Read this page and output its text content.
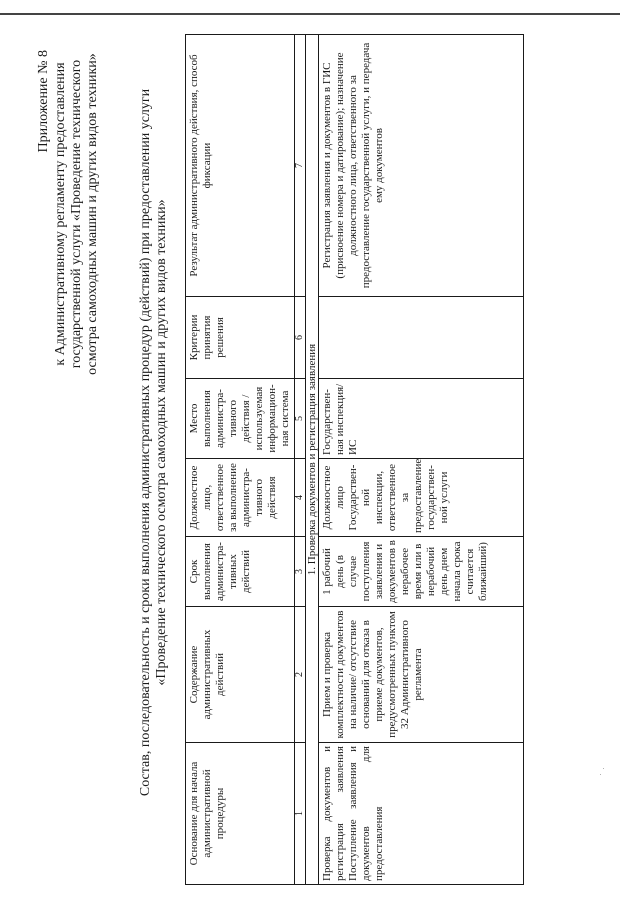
Приложение № 8 к Административному регламенту предоставления государственной услуги «Проведение технического осмотра самоходных машин и других видов техники»	Состав, последовательность и сроки выполнения административных процедур (действий) при предоставлении услуги «Проведение технического осмотра самоходных машин и других видов техники»
Основание для начала административной процедуры	Содержание административных действий	Срок выполнения администра-тивных действий	Должностное лицо, ответственное за выполнение администра-тивного действия	Место выполнения администра-тивного действия / используемая информацион-ная система	Критерии принятия решения	Результат административного действия, способ фиксации
1	2	3	4	5	6	7
1. Проверка документов и регистрация заявления						
Проверка документов и регистрация заявления Поступление заявления и документов для предоставления	Прием и проверка комплектности документов на наличие/ отсутствие оснований для отказа в приеме документов, предусмотренных пунктом 32 Административного регламента	1 рабочий день (в случае поступления заявления и документов в нерабочее время или в нерабочий день днем начала срока считается ближайший)	Должностное лицо Государствен-ной инспекции, ответственное за предоставление государствен-ной услуги	Государствен-ная инспекция/ ИС		Регистрация заявления и документов в ГИС (присвоение номера и датирование); назначение должностного лица, ответственного за предоставление государственной услуги, и передача ему документов
